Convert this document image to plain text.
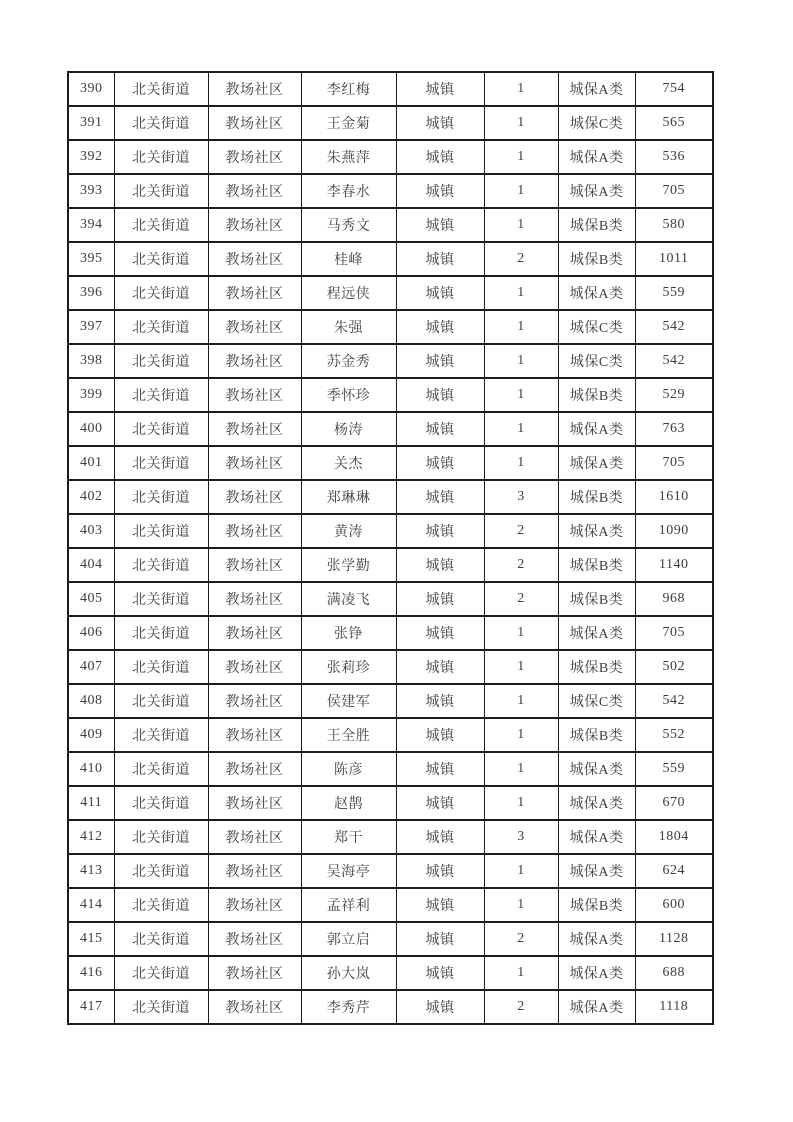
390	北关街道	教场社区	李红梅	城镇	1	城保A类	754
391	北关街道	教场社区	王金菊	城镇	1	城保C类	565
392	北关街道	教场社区	朱燕萍	城镇	1	城保A类	536
393	北关街道	教场社区	李春水	城镇	1	城保A类	705
394	北关街道	教场社区	马秀文	城镇	1	城保B类	580
395	北关街道	教场社区	桂峰	城镇	2	城保B类	1011
396	北关街道	教场社区	程远侠	城镇	1	城保A类	559
397	北关街道	教场社区	朱强	城镇	1	城保C类	542
398	北关街道	教场社区	苏金秀	城镇	1	城保C类	542
399	北关街道	教场社区	季怀珍	城镇	1	城保B类	529
400	北关街道	教场社区	杨涛	城镇	1	城保A类	763
401	北关街道	教场社区	关杰	城镇	1	城保A类	705
402	北关街道	教场社区	郑琳琳	城镇	3	城保B类	1610
403	北关街道	教场社区	黄涛	城镇	2	城保A类	1090
404	北关街道	教场社区	张学勤	城镇	2	城保B类	1140
405	北关街道	教场社区	满凌飞	城镇	2	城保B类	968
406	北关街道	教场社区	张铮	城镇	1	城保A类	705
407	北关街道	教场社区	张莉珍	城镇	1	城保B类	502
408	北关街道	教场社区	侯建军	城镇	1	城保C类	542
409	北关街道	教场社区	王全胜	城镇	1	城保B类	552
410	北关街道	教场社区	陈彦	城镇	1	城保A类	559
411	北关街道	教场社区	赵鹊	城镇	1	城保A类	670
412	北关街道	教场社区	郑干	城镇	3	城保A类	1804
413	北关街道	教场社区	吴海亭	城镇	1	城保A类	624
414	北关街道	教场社区	孟祥利	城镇	1	城保B类	600
415	北关街道	教场社区	郭立启	城镇	2	城保A类	1128
416	北关街道	教场社区	孙大岚	城镇	1	城保A类	688
417	北关街道	教场社区	李秀芹	城镇	2	城保A类	1118
